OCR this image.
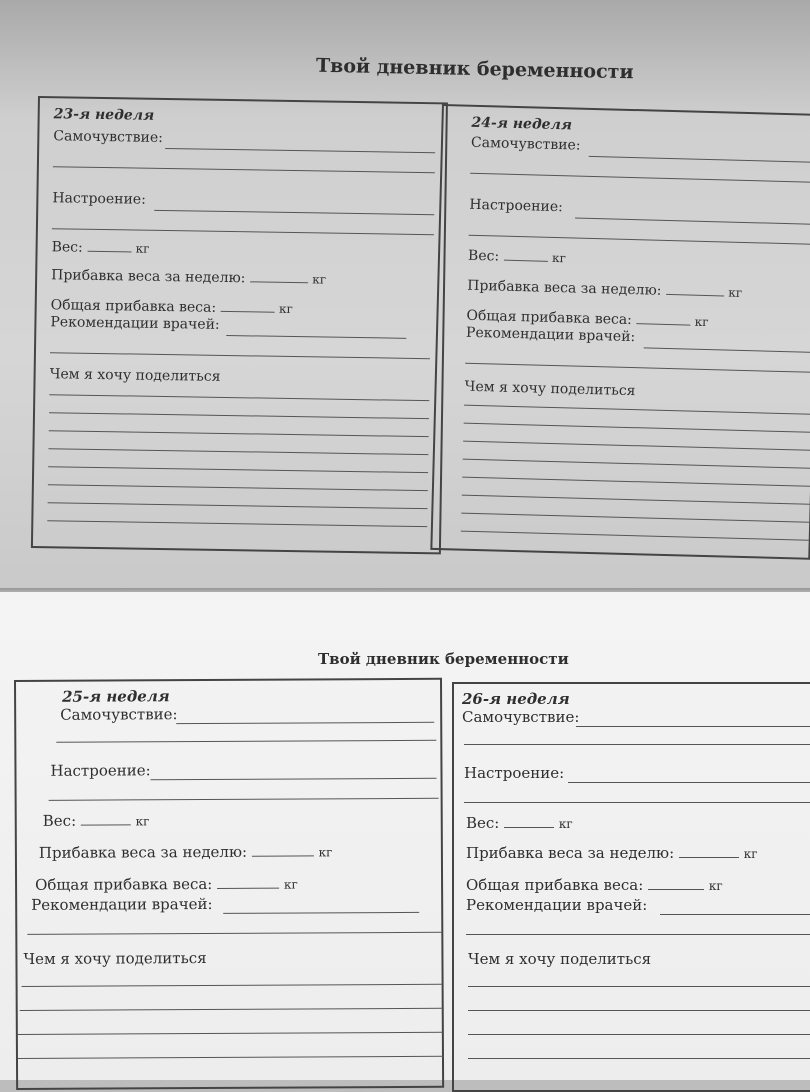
Твой дневник беременности
23-я неделя
Самочувствие:
Настроение:
Вес:	кг
Прибавка веса за неделю:	кг
Общая прибавка веса:	кг
Рекомендации врачей:
Чем я хочу поделиться
24-я неделя
Самочувствие:
Настроение:
Вес:	кг
Прибавка веса за неделю:	кг
Общая прибавка веса:	кг
Рекомендации врачей:
Чем я хочу поделиться
Твой дневник беременности
25-я неделя
Самочувствие:
Настроение:
Вес:	кг
Прибавка веса за неделю:	кг
Общая прибавка веса:	кг
Рекомендации врачей:
Чем я хочу поделиться
26-я неделя
Самочувствие:
Настроение:
Вес:	кг
Прибавка веса за неделю:	кг
Общая прибавка веса:	кг
Рекомендации врачей:
Чем я хочу поделиться
